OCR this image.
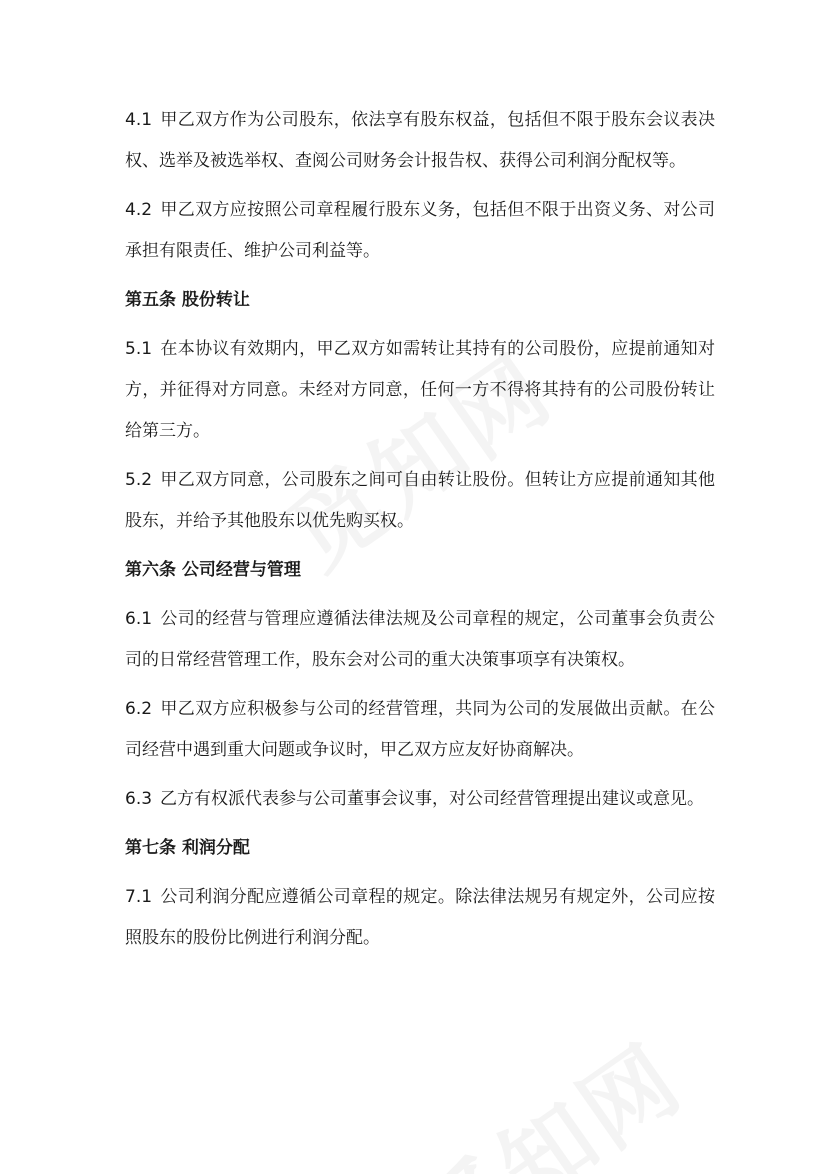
4.1 甲乙双方作为公司股东，依法享有股东权益，包括但不限于股东会议表决权、选举及被选举权、查阅公司财务会计报告权、获得公司利润分配权等。

4.2 甲乙双方应按照公司章程履行股东义务，包括但不限于出资义务、对公司承担有限责任、维护公司利益等。

第五条 股份转让

5.1 在本协议有效期内，甲乙双方如需转让其持有的公司股份，应提前通知对方，并征得对方同意。未经对方同意，任何一方不得将其持有的公司股份转让给第三方。

5.2 甲乙双方同意，公司股东之间可自由转让股份。但转让方应提前通知其他股东，并给予其他股东以优先购买权。

第六条 公司经营与管理

6.1 公司的经营与管理应遵循法律法规及公司章程的规定，公司董事会负责公司的日常经营管理工作，股东会对公司的重大决策事项享有决策权。

6.2 甲乙双方应积极参与公司的经营管理，共同为公司的发展做出贡献。在公司经营中遇到重大问题或争议时，甲乙双方应友好协商解决。

6.3 乙方有权派代表参与公司董事会议事，对公司经营管理提出建议或意见。

第七条 利润分配

7.1 公司利润分配应遵循公司章程的规定。除法律法规另有规定外，公司应按照股东的股份比例进行利润分配。
